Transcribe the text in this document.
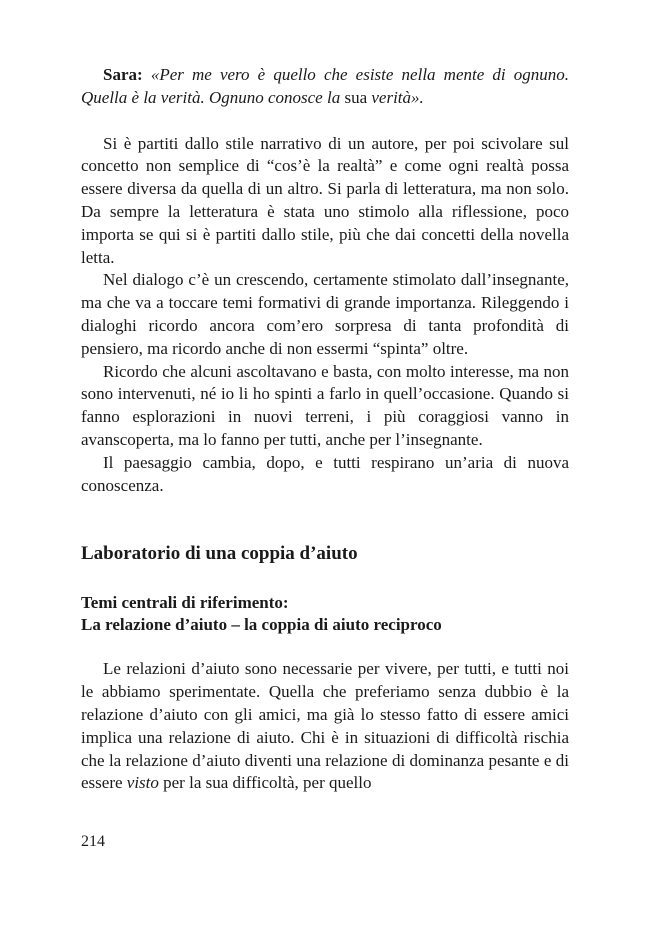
Sara: «Per me vero è quello che esiste nella mente di ognuno. Quella è la verità. Ognuno conosce la sua verità».

Si è partiti dallo stile narrativo di un autore, per poi scivolare sul concetto non semplice di “cos’è la realtà” e come ogni realtà possa essere diversa da quella di un altro. Si parla di letteratura, ma non solo. Da sempre la letteratura è stata uno stimolo alla riflessione, poco importa se qui si è partiti dallo stile, più che dai concetti della novella letta.

Nel dialogo c’è un crescendo, certamente stimolato dall’insegnante, ma che va a toccare temi formativi di grande importanza. Rileggendo i dialoghi ricordo ancora com’ero sorpresa di tanta profondità di pensiero, ma ricordo anche di non essermi “spinta” oltre.

Ricordo che alcuni ascoltavano e basta, con molto interesse, ma non sono intervenuti, né io li ho spinti a farlo in quell’occasione. Quando si fanno esplorazioni in nuovi terreni, i più coraggiosi vanno in avanscoperta, ma lo fanno per tutti, anche per l’insegnante.

Il paesaggio cambia, dopo, e tutti respirano un’aria di nuova conoscenza.

Laboratorio di una coppia d’aiuto
Temi centrali di riferimento:
La relazione d’aiuto – la coppia di aiuto reciproco

Le relazioni d’aiuto sono necessarie per vivere, per tutti, e tutti noi le abbiamo sperimentate. Quella che preferiamo senza dubbio è la relazione d’aiuto con gli amici, ma già lo stesso fatto di essere amici implica una relazione di aiuto. Chi è in situazioni di difficoltà rischia che la relazione d’aiuto diventi una relazione di dominanza pesante e di essere visto per la sua difficoltà, per quello

214
